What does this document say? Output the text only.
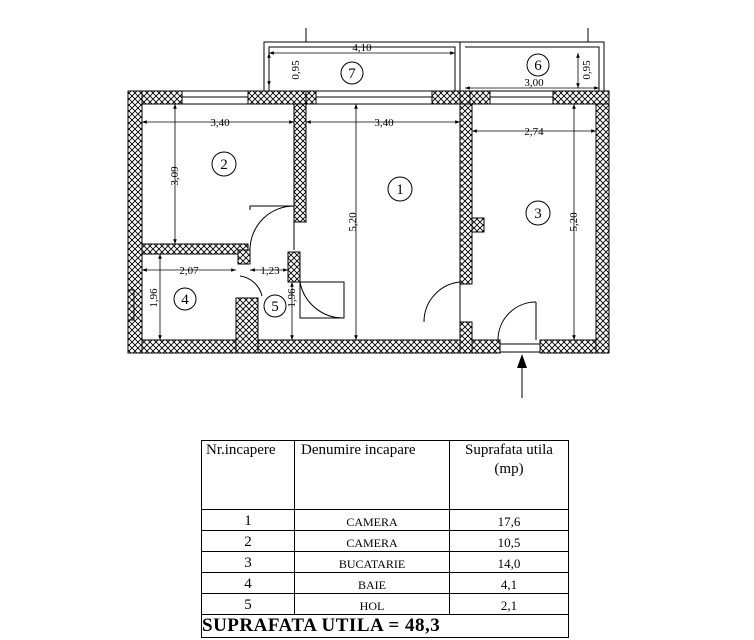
4,10
0,95
3,00
0,95
3,40
3,09
3,40
5,20
2,74
5,20
2,07
1,96
1,23
1,96
1
2
3
4	5
6
7
Nr.incapere	Denumire incapare	Suprafata utila
(mp)

1	CAMERA	17,6
2	CAMERA	10,5
3	BUCATARIE	14,0
4	BAIE	4,1
5	HOL	2,1
SUPRAFATA UTILA = 48,3		
